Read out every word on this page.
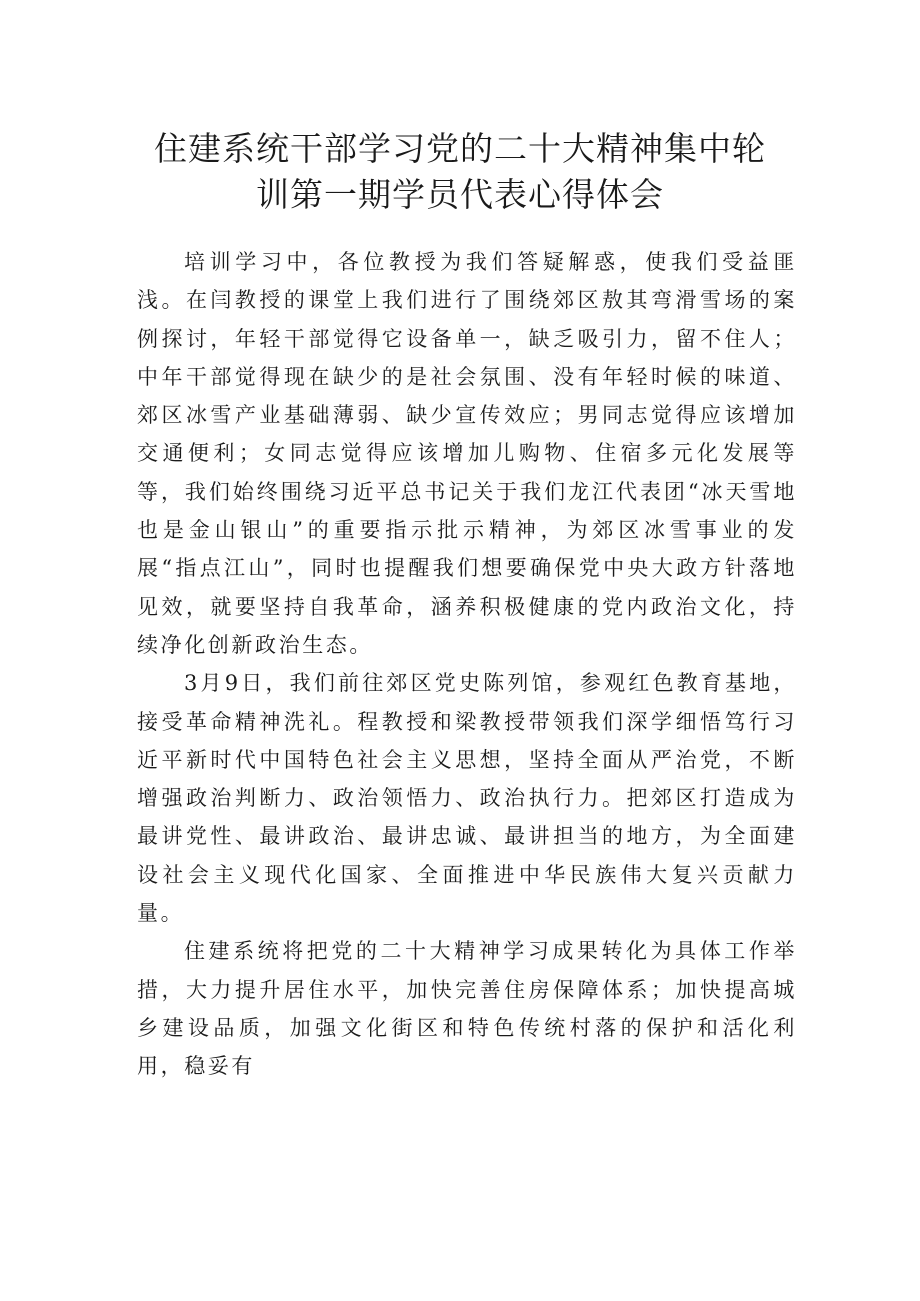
住建系统干部学习党的二十大精神集中轮
训第一期学员代表心得体会

培训学习中，各位教授为我们答疑解惑，使我们受益匪浅。在闫教授的课堂上我们进行了围绕郊区敖其弯滑雪场的案例探讨，年轻干部觉得它设备单一，缺乏吸引力，留不住人；中年干部觉得现在缺少的是社会氛围、没有年轻时候的味道、郊区冰雪产业基础薄弱、缺少宣传效应；男同志觉得应该增加交通便利；女同志觉得应该增加儿购物、住宿多元化发展等等，我们始终围绕习近平总书记关于我们龙江代表团“冰天雪地也是金山银山”的重要指示批示精神，为郊区冰雪事业的发展“指点江山”，同时也提醒我们想要确保党中央大政方针落地见效，就要坚持自我革命，涵养积极健康的党内政治文化，持续净化创新政治生态。

3月9日，我们前往郊区党史陈列馆，参观红色教育基地，接受革命精神洗礼。程教授和梁教授带领我们深学细悟笃行习近平新时代中国特色社会主义思想，坚持全面从严治党，不断增强政治判断力、政治领悟力、政治执行力。把郊区打造成为最讲党性、最讲政治、最讲忠诚、最讲担当的地方，为全面建设社会主义现代化国家、全面推进中华民族伟大复兴贡献力量。

住建系统将把党的二十大精神学习成果转化为具体工作举措，大力提升居住水平，加快完善住房保障体系；加快提高城乡建设品质，加强文化街区和特色传统村落的保护和活化利用，稳妥有
